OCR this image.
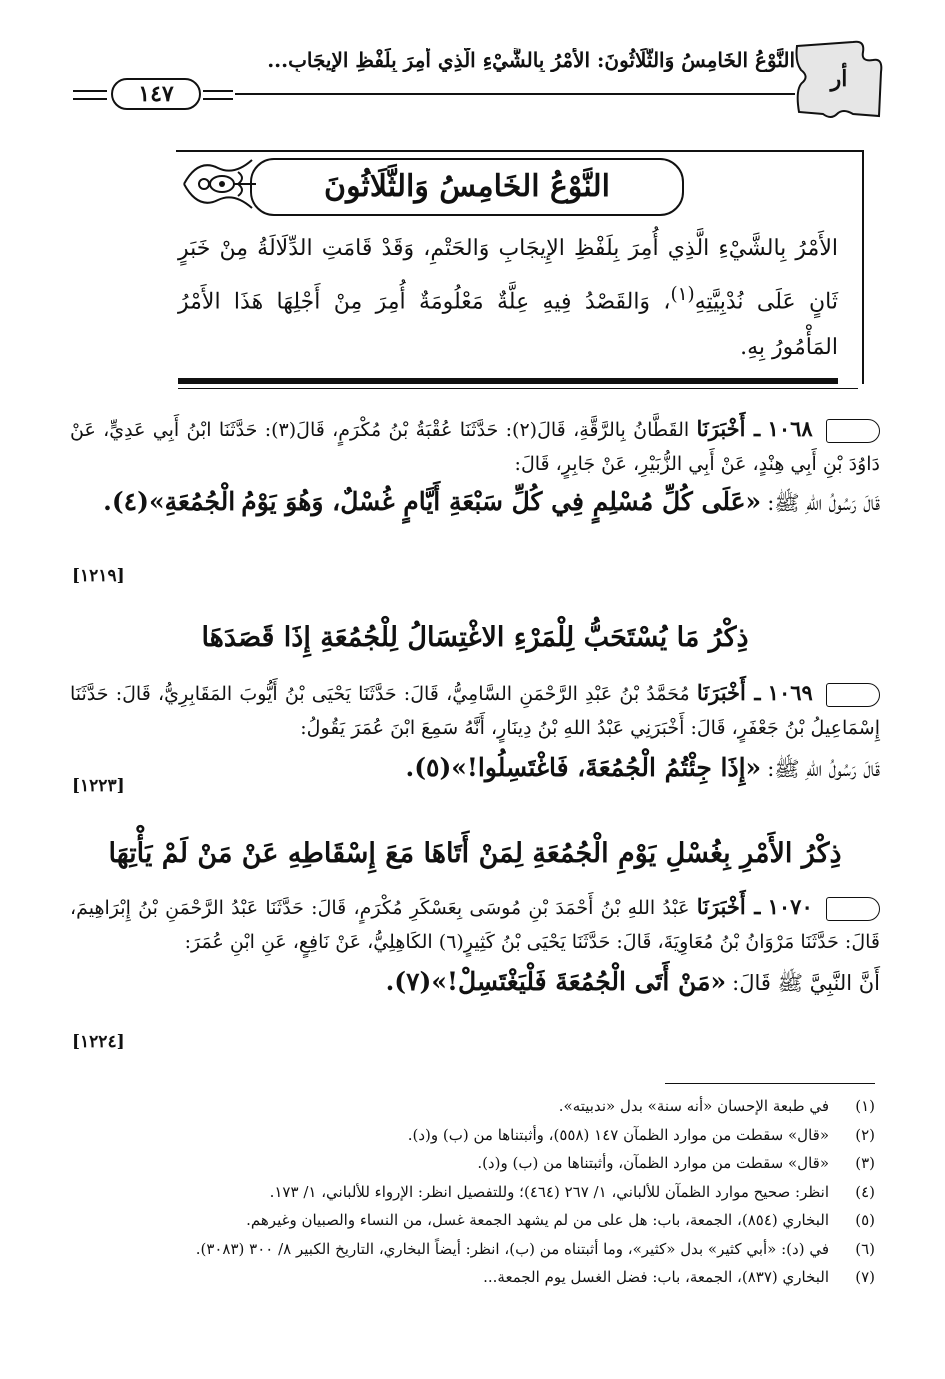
ﺃﺭ
النَّوْعُ الخَامِسُ وَالثَّلَاثُونَ: الأَمْرُ بِالشَّيْءِ الَّذِي أُمِرَ بِلَفْظِ الإِيجَابِ...
١٤٧
النَّوْعُ الخَامِسُ وَالثَّلَاثُونَ
الأَمْرُ بِالشَّيْءِ الَّذِي أُمِرَ بِلَفْظِ الإِيجَابِ وَالحَتْمِ، وَقَدْ قَامَتِ الدِّلَالَةُ مِنْ خَبَرٍ ثَانٍ عَلَى نُدْبِيَّتِهِ$^{(١)}$، وَالقَصْدُ فِيهِ عِلَّةٌ مَعْلُومَةٌ أُمِرَ مِنْ أَجْلِهَا هَذَا الأَمْرُ المَأْمُورُ بِهِ.
١٠٦٨ ـ أَخْبَرَنَا القَطَّانُ بِالرَّقَّةِ، قَالَ(٢): حَدَّثَنَا عُقْبَةُ بْنُ مُكْرَمٍ، قَالَ(٣): حَدَّثَنَا ابْنُ أَبِي عَدِيٍّ، عَنْ دَاوُدَ بْنِ أَبِي هِنْدٍ، عَنْ أَبِي الزُّبَيْرِ، عَنْ جَابِرٍ، قَالَ:
قَالَ رَسُولُ اللهِ ﷺ: «عَلَى كُلِّ مُسْلِمٍ فِي كُلِّ سَبْعَةِ أَيَّامٍ غُسْلٌ، وَهُوَ يَوْمُ الْجُمُعَةِ»(٤).
[١٢١٩]
ذِكْرُ مَا يُسْتَحَبُّ لِلْمَرْءِ الاغْتِسَالُ لِلْجُمُعَةِ إِذَا قَصَدَهَا
١٠٦٩ ـ أَخْبَرَنَا مُحَمَّدُ بْنُ عَبْدِ الرَّحْمَنِ السَّامِيُّ، قَالَ: حَدَّثَنَا يَحْيَى بْنُ أَيُّوبَ المَقَابِرِيُّ، قَالَ: حَدَّثَنَا إِسْمَاعِيلُ بْنُ جَعْفَرٍ، قَالَ: أَخْبَرَنِي عَبْدُ اللهِ بْنُ دِينَارٍ، أَنَّهُ سَمِعَ ابْنَ عُمَرَ يَقُولُ:
قَالَ رَسُولُ اللهِ ﷺ: «إِذَا جِئْتُمُ الْجُمُعَةَ، فَاغْتَسِلُوا!»(٥).
[١٢٢٣]
ذِكْرُ الأَمْرِ بِغُسْلِ يَوْمِ الْجُمُعَةِ لِمَنْ أَتَاهَا مَعَ إِسْقَاطِهِ عَنْ مَنْ لَمْ يَأْتِهَا
١٠٧٠ ـ أَخْبَرَنَا عَبْدُ اللهِ بْنُ أَحْمَدَ بْنِ مُوسَى بِعَسْكَرِ مُكْرَمٍ، قَالَ: حَدَّثَنَا عَبْدُ الرَّحْمَنِ بْنُ إِبْرَاهِيمَ، قَالَ: حَدَّثَنَا مَرْوَانُ بْنُ مُعَاوِيَةَ، قَالَ: حَدَّثَنَا يَحْيَى بْنُ كَثِيرٍ(٦) الكَاهِلِيُّ، عَنْ نَافِعٍ، عَنِ ابْنِ عُمَرَ:
أَنَّ النَّبِيَّ ﷺ قَالَ: «مَنْ أَتَى الْجُمُعَةَ فَلْيَغْتَسِلْ!»(٧).
[١٢٢٤]
(١)في طبعة الإحسان «أنه سنة» بدل «ندبيته».
(٢)«قال» سقطت من موارد الظمآن ١٤٧ (٥٥٨)، وأثبتناها من (ب) و(د).
(٣)«قال» سقطت من موارد الظمآن، وأثبتناها من (ب) و(د).
(٤)انظر: صحيح موارد الظمآن للألباني، ١/ ٢٦٧ (٤٦٤)؛ وللتفصيل انظر: الإرواء للألباني، ١/ ١٧٣.
(٥)البخاري (٨٥٤)، الجمعة، باب: هل على من لم يشهد الجمعة غسل، من النساء والصبيان وغيرهم.
(٦)في (د): «أبي كثير» بدل «كثير»، وما أثبتناه من (ب)، انظر: أيضاً البخاري، التاريخ الكبير ٨/ ٣٠٠ (٣٠٨٣).
(٧)البخاري (٨٣٧)، الجمعة، باب: فضل الغسل يوم الجمعة...
